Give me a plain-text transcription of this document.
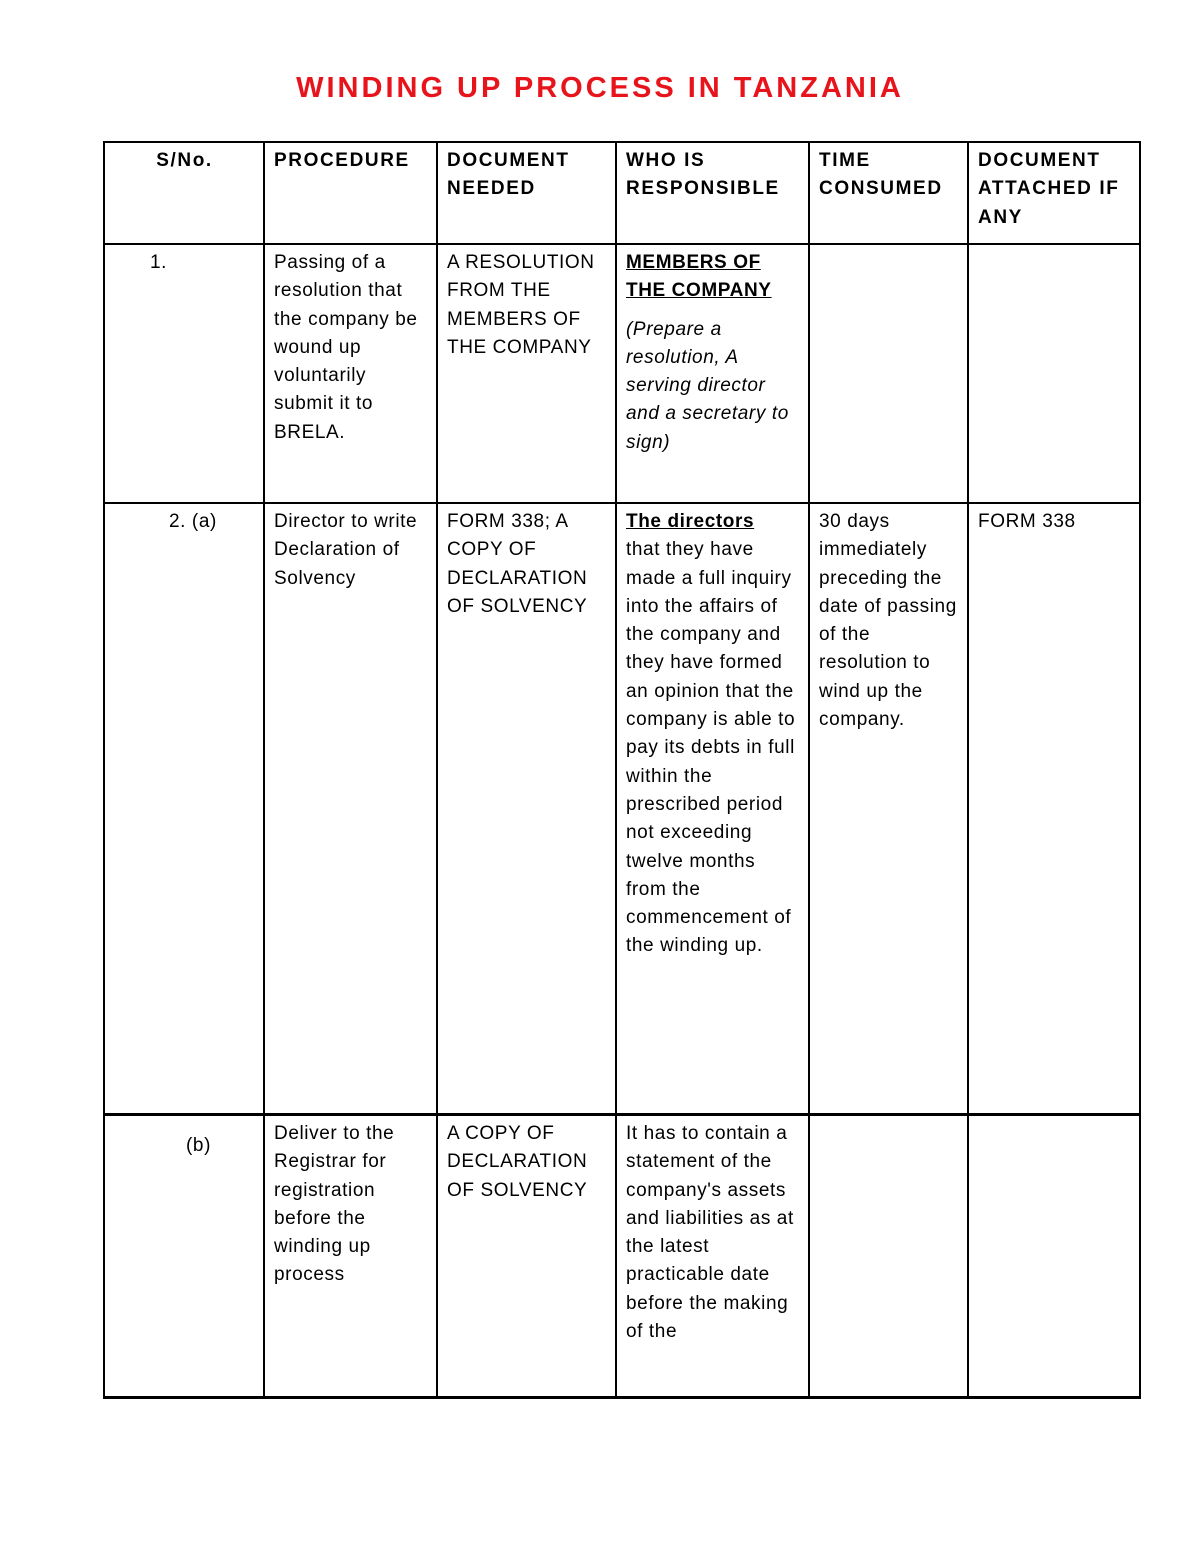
WINDING UP PROCESS IN TANZANIA
S/No.	PROCEDURE	DOCUMENT NEEDED	WHO IS RESPONSIBLE	TIME CONSUMED	DOCUMENT ATTACHED IF ANY

1.	Passing of a resolution that the company be wound up voluntarily submit it to BRELA.	A RESOLUTION FROM THE MEMBERS OF THE COMPANY	MEMBERS OF THE COMPANY
(Prepare a resolution, A serving director and a secretary to sign)		

2. (a)	Director to write Declaration of Solvency	FORM 338; A COPY OF DECLARATION OF SOLVENCY	The directors
that they have made a full inquiry into the affairs of the company and they have formed an opinion that the company is able to pay its debts in full within the prescribed period not exceeding twelve months from the commencement of the winding up.	30 days immediately preceding the date of passing of the resolution to wind up the company.	FORM 338

(b)	Deliver to the Registrar for registration before the winding up process	A COPY OF DECLARATION OF SOLVENCY	It has to contain a statement of the company's assets and liabilities as at the latest practicable date before the making of the		
